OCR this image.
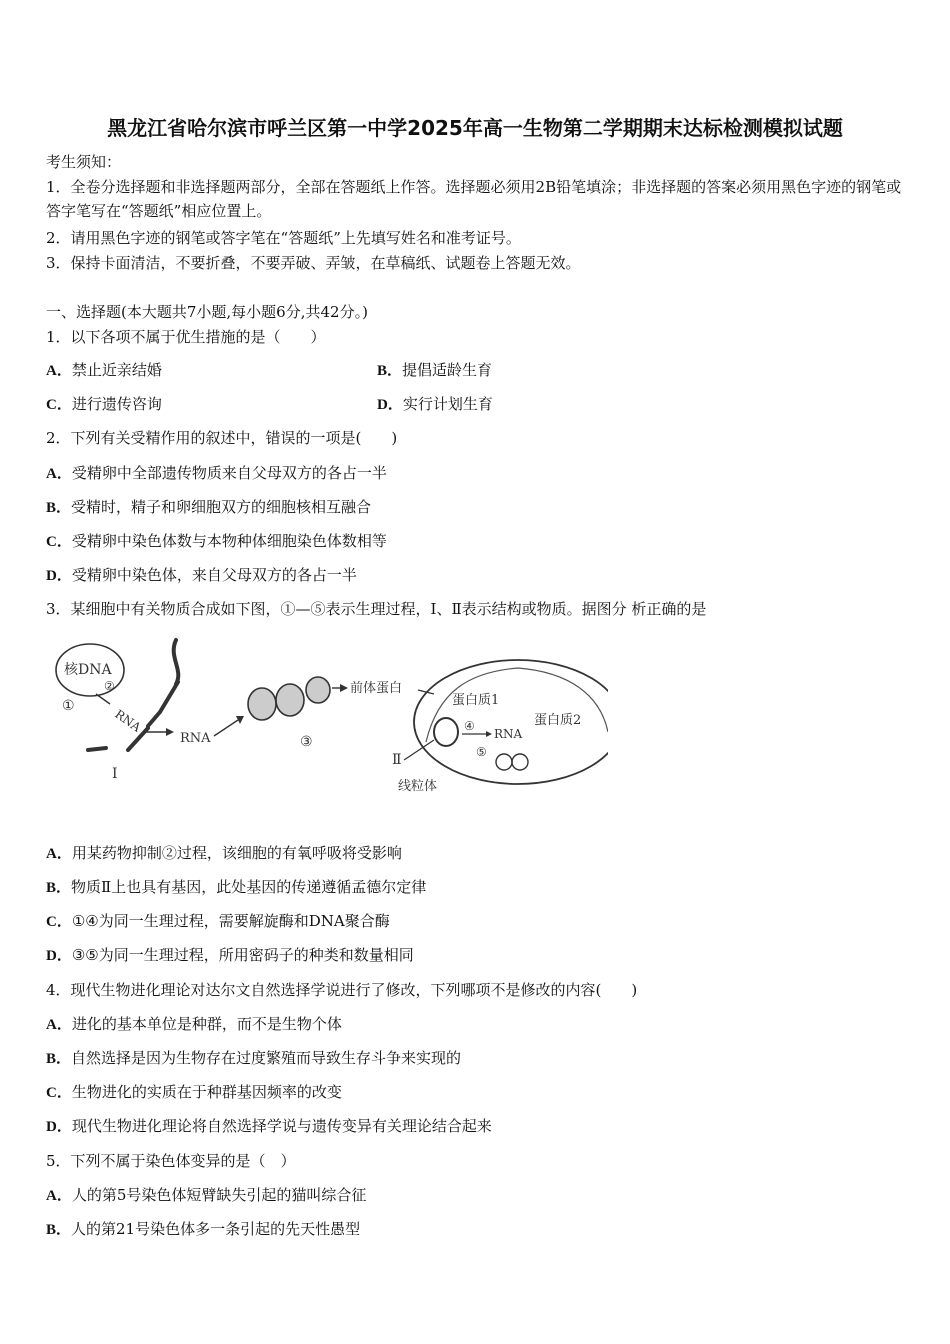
黑龙江省哈尔滨市呼兰区第一中学2025年高一生物第二学期期末达标检测模拟试题
考生须知：
1．全卷分选择题和非选择题两部分，全部在答题纸上作答。选择题必须用2B铅笔填涂；非选择题的答案必须用黑色字迹的钢笔或答字笔写在“答题纸”相应位置上。
2．请用黑色字迹的钢笔或答字笔在“答题纸”上先填写姓名和准考证号。
3．保持卡面清洁，不要折叠，不要弄破、弄皱，在草稿纸、试题卷上答题无效。
一、选择题(本大题共7小题,每小题6分,共42分。)
1．以下各项不属于优生措施的是（　　）
A．禁止近亲结婚	B．提倡适龄生育
C．进行遗传咨询	D．实行计划生育
2．下列有关受精作用的叙述中，错误的一项是(　　)
A．受精卵中全部遗传物质来自父母双方的各占一半
B．受精时，精子和卵细胞双方的细胞核相互融合
C．受精卵中染色体数与本物种体细胞染色体数相等
D．受精卵中染色体，来自父母双方的各占一半
3．某细胞中有关物质合成如下图，①—⑤表示生理过程，Ⅰ、Ⅱ表示结构或物质。据图分 析正确的是
核DNA
①
②
RNA
RNA
Ⅰ
③
前体蛋白
蛋白质1
蛋白质2
④
RNA
⑤
Ⅱ
线粒体
A．用某药物抑制②过程，该细胞的有氧呼吸将受影响
B．物质Ⅱ上也具有基因，此处基因的传递遵循孟德尔定律
C．①④为同一生理过程，需要解旋酶和DNA聚合酶
D．③⑤为同一生理过程，所用密码子的种类和数量相同
4．现代生物进化理论对达尔文自然选择学说进行了修改，下列哪项不是修改的内容(　　)
A．进化的基本单位是种群，而不是生物个体
B．自然选择是因为生物存在过度繁殖而导致生存斗争来实现的
C．生物进化的实质在于种群基因频率的改变
D．现代生物进化理论将自然选择学说与遗传变异有关理论结合起来
5．下列不属于染色体变异的是（　）
A．人的第5号染色体短臂缺失引起的猫叫综合征
B．人的第21号染色体多一条引起的先天性愚型
